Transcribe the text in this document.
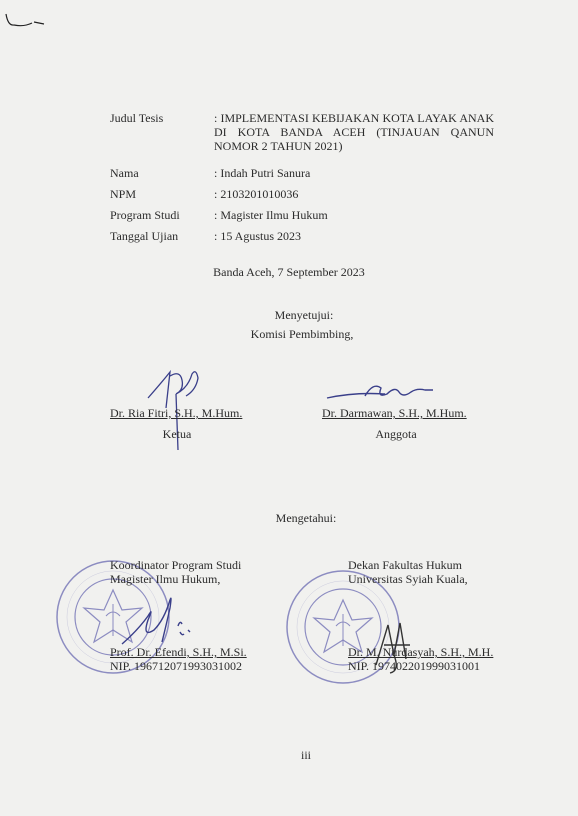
Judul Tesis	: IMPLEMENTASI KEBIJAKAN KOTA LAYAK ANAK DI KOTA BANDA ACEH (TINJAUAN QANUN NOMOR 2 TAHUN 2021)
Nama	: Indah Putri Sanura
NPM	: 2103201010036
Program Studi	: Magister Ilmu Hukum
Tanggal Ujian	: 15 Agustus 2023
Banda Aceh, 7 September 2023
Menyetujui:
Komisi Pembimbing,
Dr. Ria Fitri, S.H., M.Hum.
Ketua
Dr. Darmawan, S.H., M.Hum.
Anggota
Mengetahui:
Koordinator Program Studi
Magister Ilmu Hukum,
Prof. Dr. Efendi, S.H., M.Si.
NIP. 196712071993031002
Dekan Fakultas Hukum
Universitas Syiah Kuala,
Dr. M. Nurdasyah, S.H., M.H.
NIP. 197402201999031001
iii
